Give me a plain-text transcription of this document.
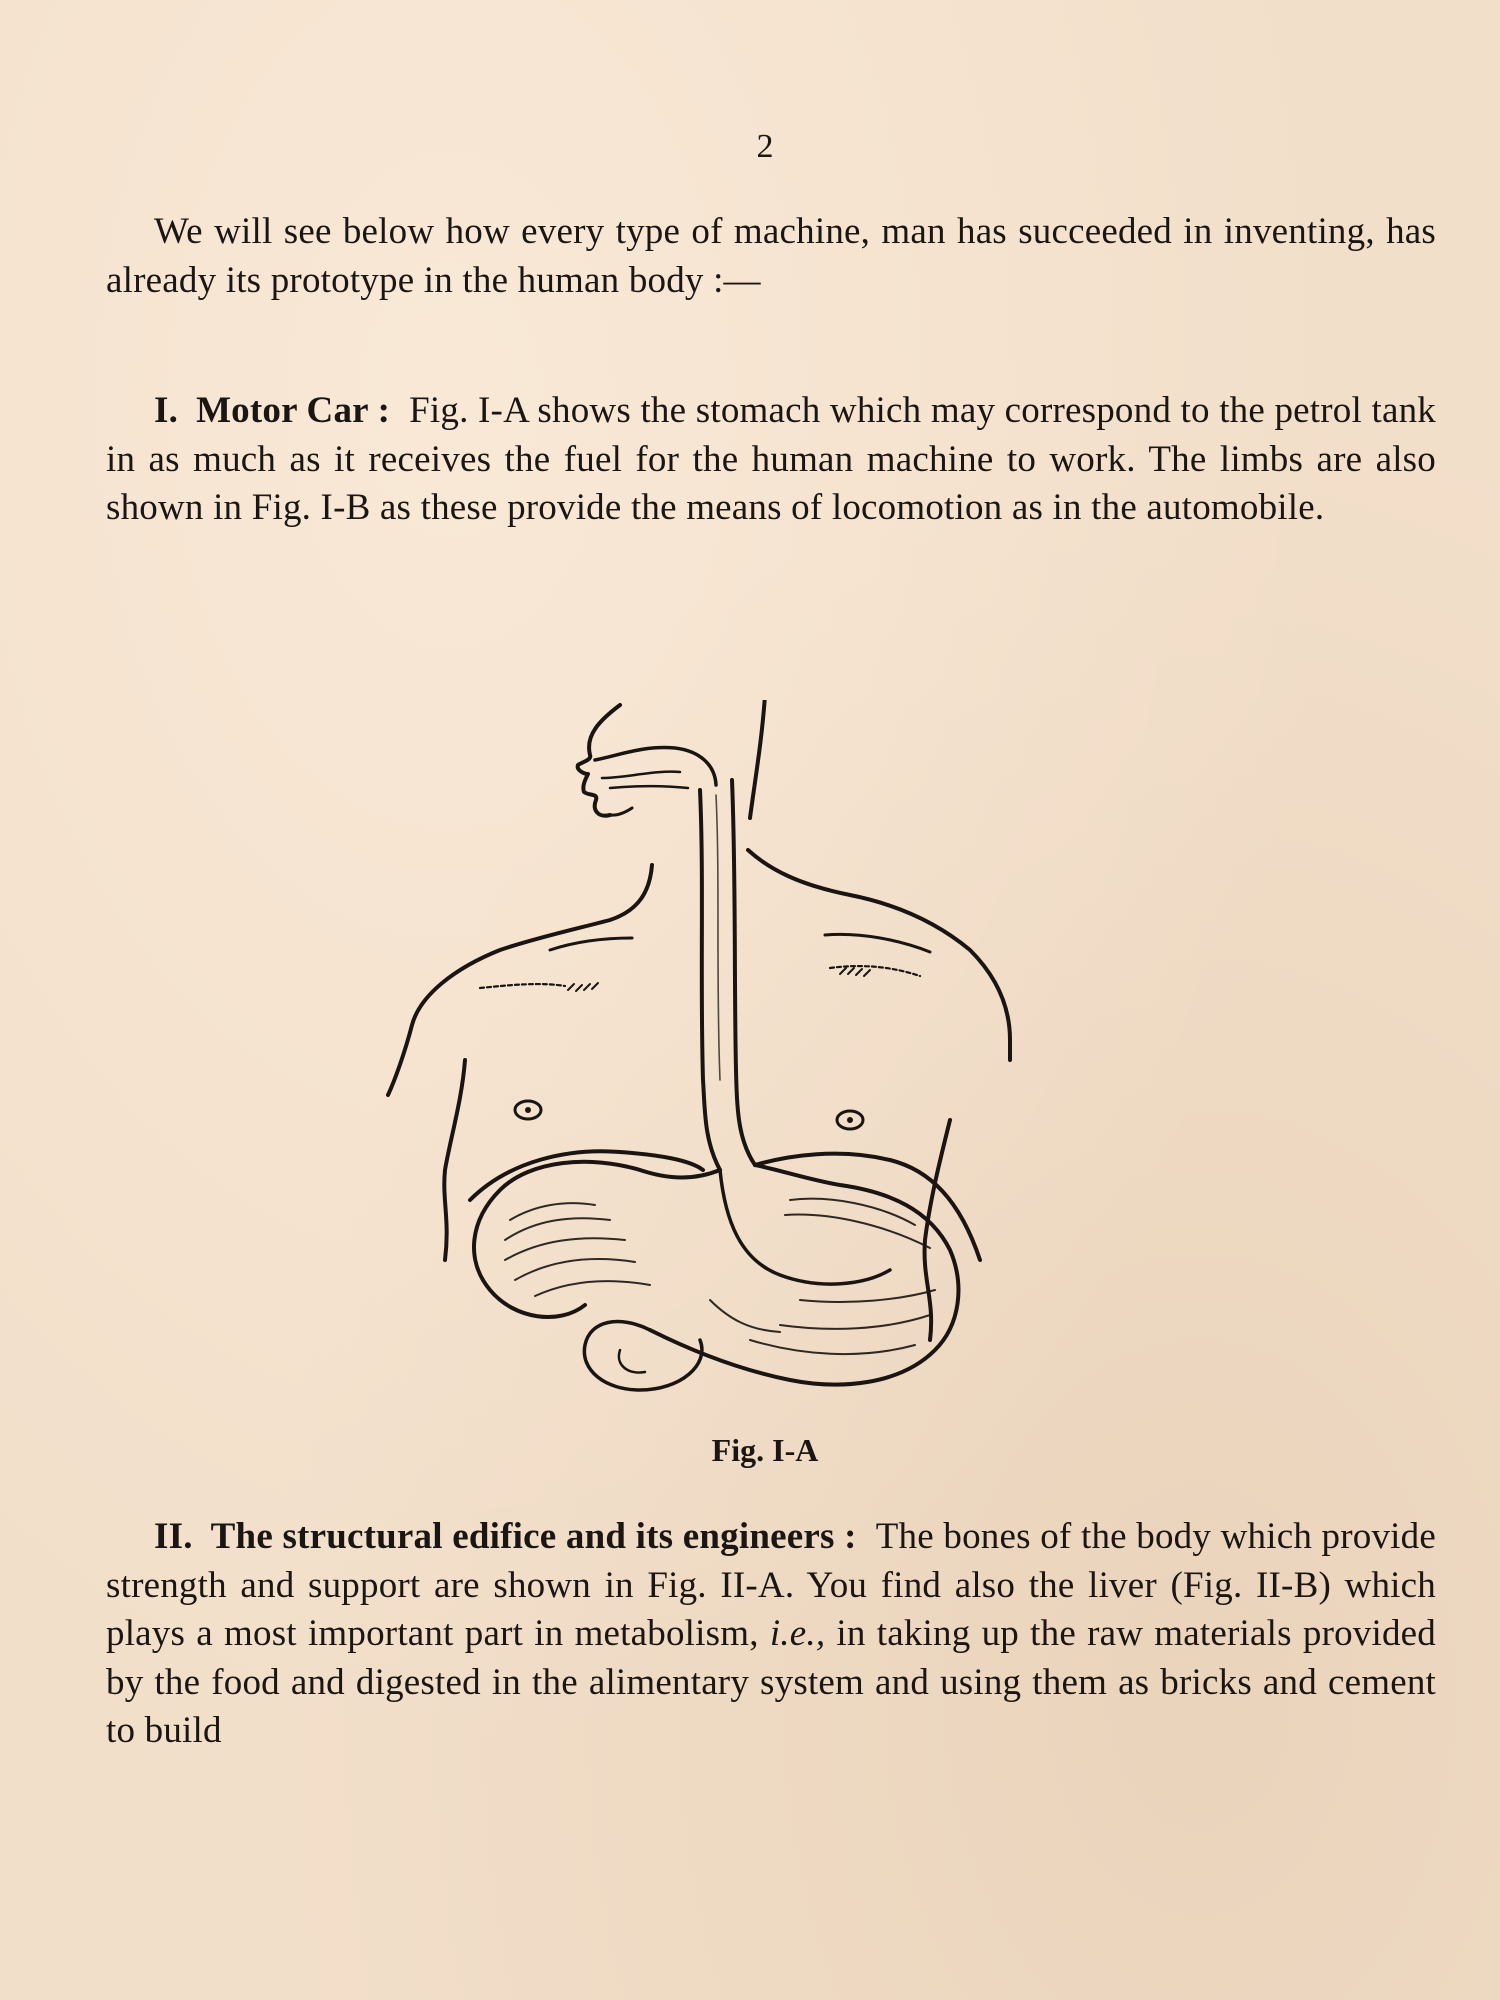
2
We will see below how every type of machine, man has succeeded in inventing, has already its prototype in the human body :—
I. Motor Car : Fig. I-A shows the stomach which may correspond to the petrol tank in as much as it receives the fuel for the human machine to work. The limbs are also shown in Fig. I-B as these provide the means of locomotion as in the automobile.
Fig. I-A
II. The structural edifice and its engineers : The bones of the body which provide strength and support are shown in Fig. II-A. You find also the liver (Fig. II-B) which plays a most important part in metabolism, i.e., in taking up the raw materials provided by the food and digested in the alimentary system and using them as bricks and cement to build
